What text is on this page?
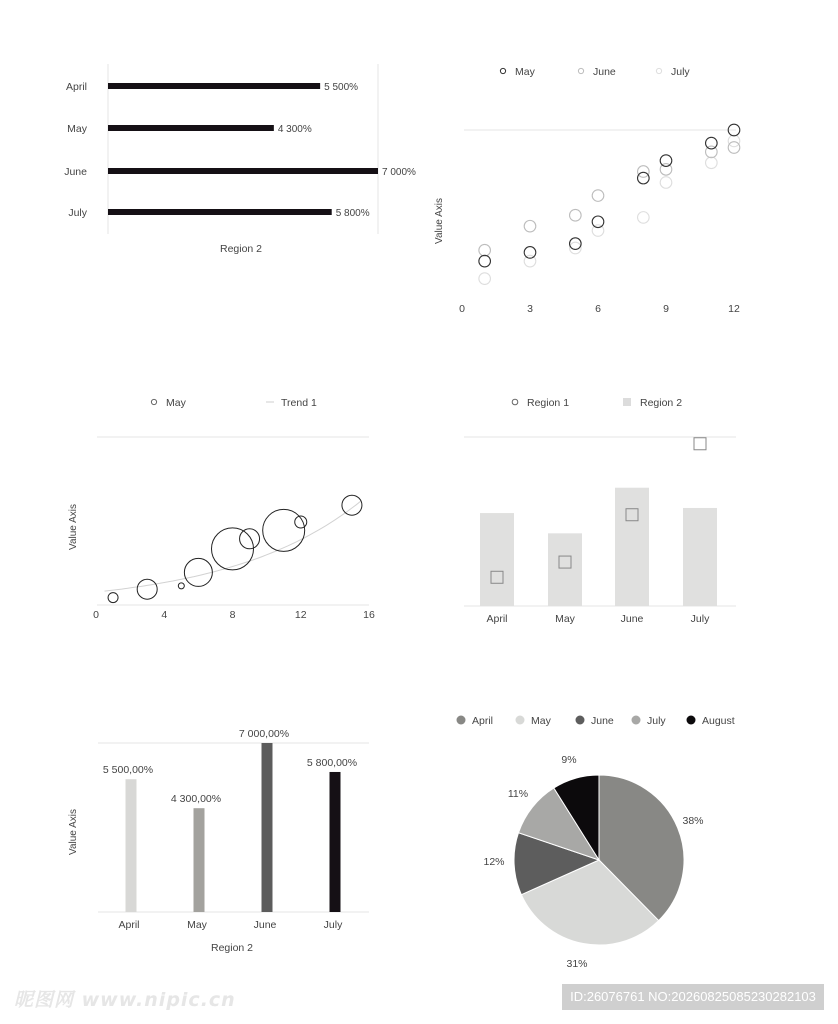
April	5 500%
May	4 300%
June	7 000%
July	5 800%
Region 2
May	June	July
Value Axis
0	3	6	9	12
May	Trend 1
Value Axis
0	4	8	12	16
Region 1	Region 2
April	May	June	July
Value Axis
5 500,00%
April
4 300,00%
May
7 000,00%
June
5 800,00%
July
Region 2
April	May	June	July	August
38%
31%
12%
11%
9%
昵图网 www.nipic.cn	ID:26076761 NO:20260825085230282103
